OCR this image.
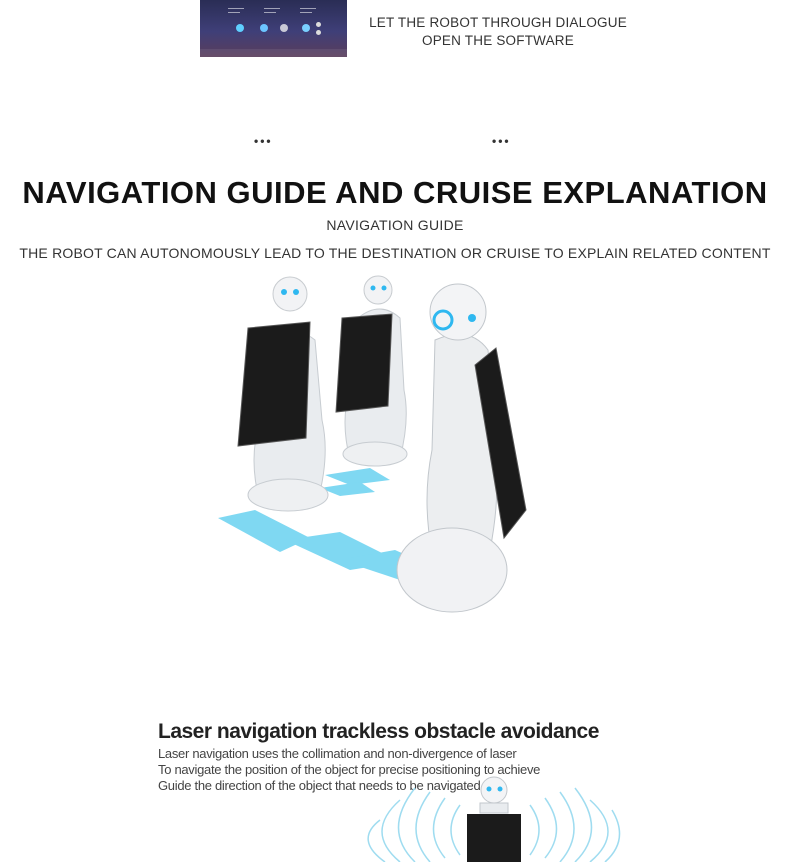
LET THE ROBOT THROUGH DIALOGUE
OPEN THE SOFTWARE
•••	•••
NAVIGATION GUIDE AND CRUISE EXPLANATION
NAVIGATION GUIDE
THE ROBOT CAN AUTONOMOUSLY LEAD TO THE DESTINATION OR CRUISE TO EXPLAIN RELATED CONTENT
Laser navigation trackless obstacle avoidance
Laser navigation uses the collimation and non-divergence of laser
To navigate the position of the object for precise positioning to achieve
Guide the direction of the object that needs to be navigated
